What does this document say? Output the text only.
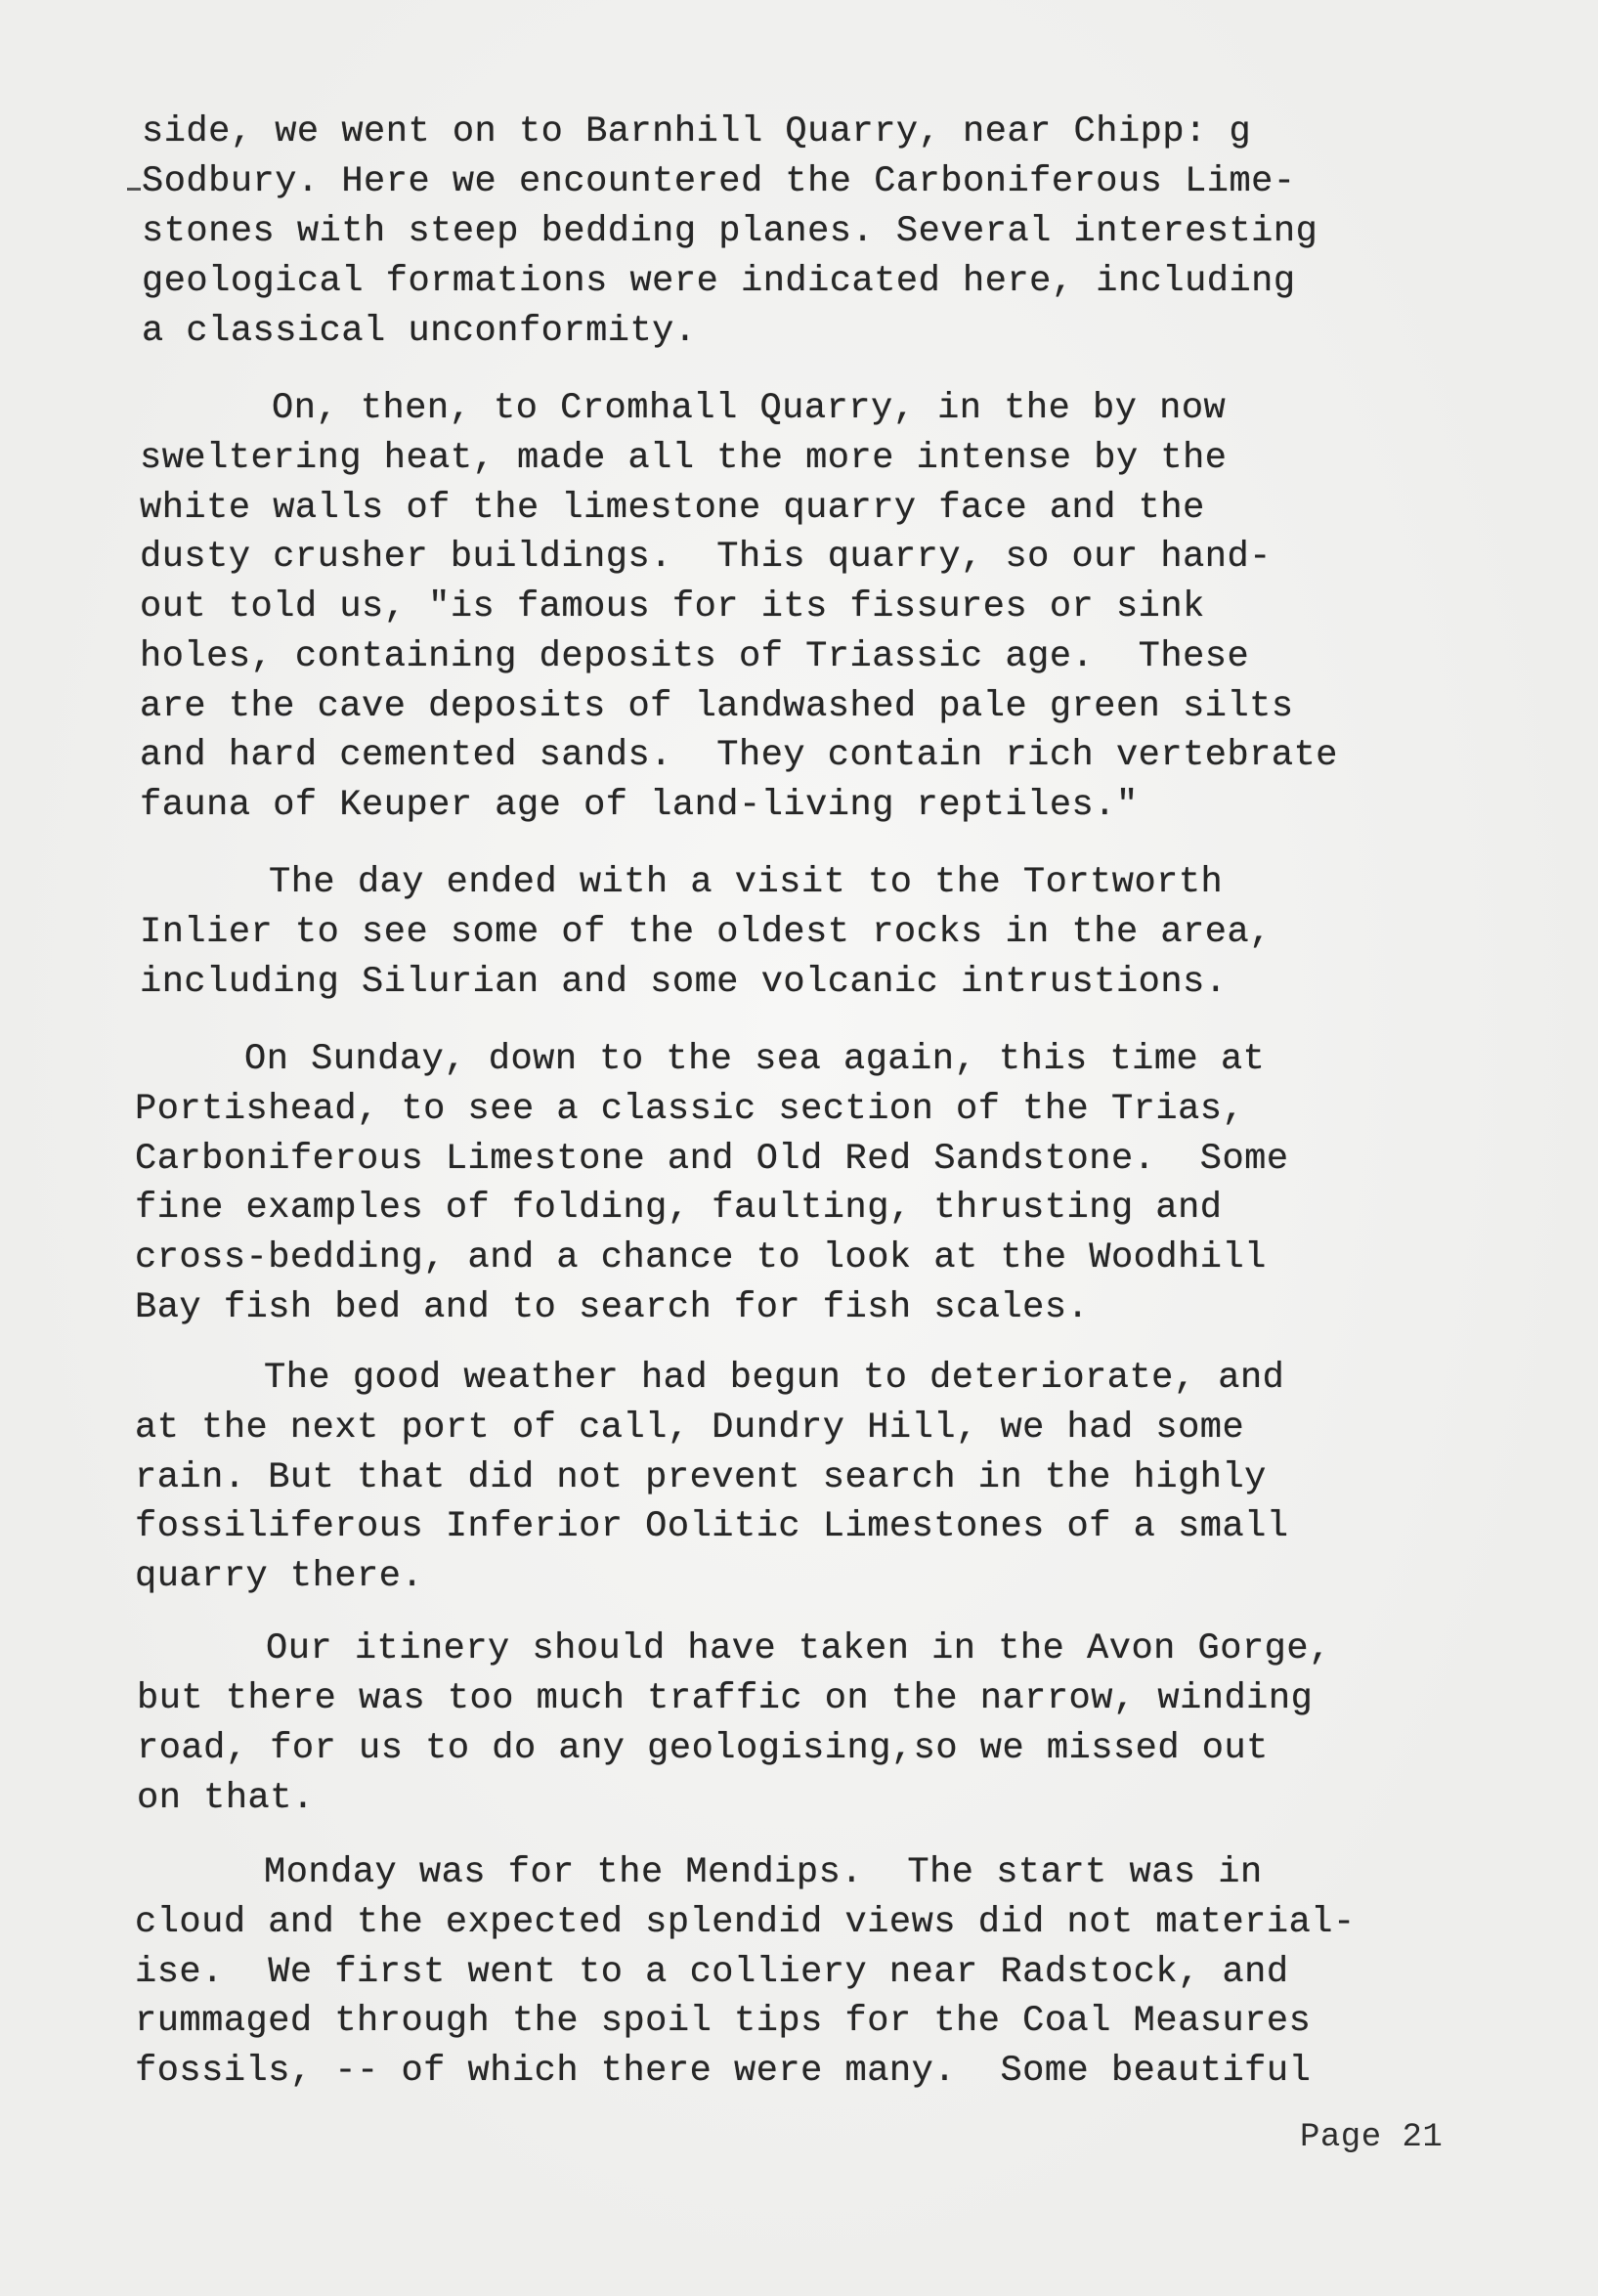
side, we went on to Barnhill Quarry, near Chipp: g
Sodbury. Here we encountered the Carboniferous Lime-
stones with steep bedding planes. Several interesting
geological formations were indicated here, including
a classical unconformity.
On, then, to Cromhall Quarry, in the by now
sweltering heat, made all the more intense by the
white walls of the limestone quarry face and the
dusty crusher buildings.  This quarry, so our hand-
out told us, "is famous for its fissures or sink
holes, containing deposits of Triassic age.  These
are the cave deposits of landwashed pale green silts
and hard cemented sands.  They contain rich vertebrate
fauna of Keuper age of land-living reptiles."
The day ended with a visit to the Tortworth
Inlier to see some of the oldest rocks in the area,
including Silurian and some volcanic intrustions.
On Sunday, down to the sea again, this time at
Portishead, to see a classic section of the Trias,
Carboniferous Limestone and Old Red Sandstone.  Some
fine examples of folding, faulting, thrusting and
cross-bedding, and a chance to look at the Woodhill
Bay fish bed and to search for fish scales.
The good weather had begun to deteriorate, and
at the next port of call, Dundry Hill, we had some
rain. But that did not prevent search in the highly
fossiliferous Inferior Oolitic Limestones of a small
quarry there.
Our itinery should have taken in the Avon Gorge,
but there was too much traffic on the narrow, winding
road, for us to do any geologising,so we missed out
on that.
Monday was for the Mendips.  The start was in
cloud and the expected splendid views did not material-
ise.  We first went to a colliery near Radstock, and
rummaged through the spoil tips for the Coal Measures
fossils, -- of which there were many.  Some beautiful
Page 21
